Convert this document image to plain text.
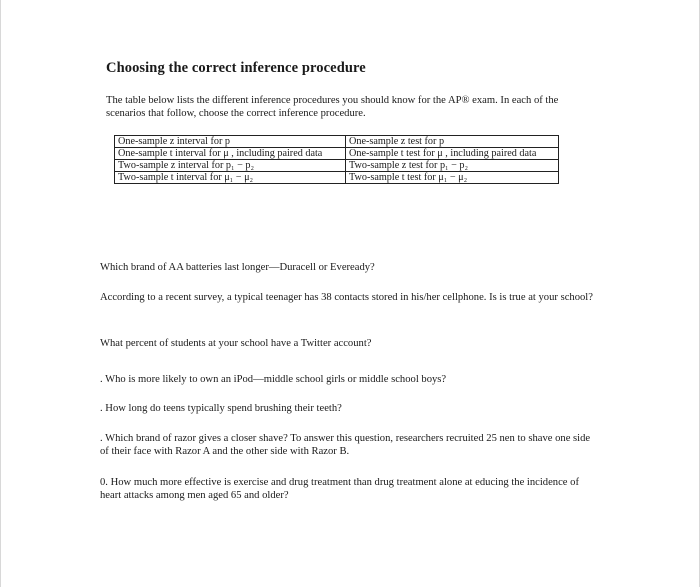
Choosing the correct inference procedure

The table below lists the different inference procedures you should know for the AP® exam. In each of the scenarios that follow, choose the correct inference procedure.

One-sample z interval for p	One-sample z test for p
One-sample t interval for μ , including paired data	One-sample t test for μ , including paired data
Two-sample z interval for p₁ − p₂	Two-sample z test for p₁ − p₂
Two-sample t interval for μ₁ − μ₂	Two-sample t test for μ₁ − μ₂

Which brand of AA batteries last longer—Duracell or Eveready?

According to a recent survey, a typical teenager has 38 contacts stored in his/her cellphone. Is is true at your school?

What percent of students at your school have a Twitter account?

. Who is more likely to own an iPod—middle school girls or middle school boys?

. How long do teens typically spend brushing their teeth?

. Which brand of razor gives a closer shave? To answer this question, researchers recruited 25 nen to shave one side of their face with Razor A and the other side with Razor B.

0. How much more effective is exercise and drug treatment than drug treatment alone at educing the incidence of heart attacks among men aged 65 and older?
